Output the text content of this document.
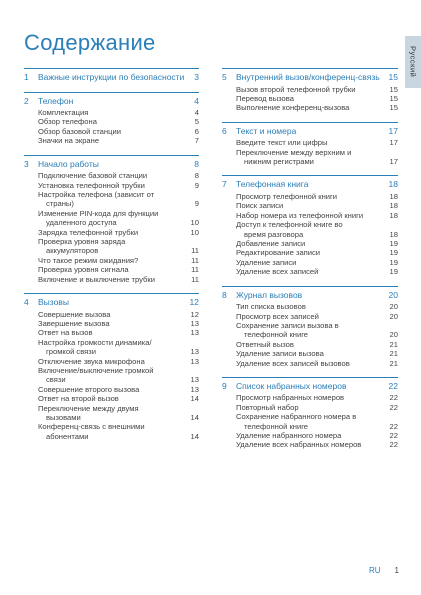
Содержание
Русский
1	Важные инструкции по безопасности	3
2	Телефон	4
Комплектация	4
Обзор телефона	5
Обзор базовой станции	6
Значки на экране	7
3	Начало работы	8
Подключение базовой станции	8
Установка телефонной трубки	9
Настройка телефона (зависит от
страны)	9
Изменение PIN-кода для функции
удаленного доступа	10
Зарядка телефонной трубки	10
Проверка уровня заряда
аккумуляторов	11
Что такое режим ожидания?	11
Проверка уровня сигнала	11
Включение и выключение трубки	11
4	Вызовы	12
Совершение вызова	12
Завершение вызова	13
Ответ на вызов	13
Настройка громкости динамика/
громкой связи	13
Отключение звука микрофона	13
Включение/выключение громкой
связи	13
Совершение второго вызова	13
Ответ на второй вызов	14
Переключение между двумя
вызовами	14
Конференц-связь с внешними
абонентами	14
5	Внутренний вызов/конференц-связь	15
Вызов второй телефонной трубки	15
Перевод вызова	15
Выполнение конференц-вызова	15
6	Текст и номера	17
Введите текст или цифры	17
Переключение между верхним и
нижним регистрами	17
7	Телефонная книга	18
Просмотр телефонной книги	18
Поиск записи	18
Набор номера из телефонной книги	18
Доступ к телефонной книге во
время разговора	18
Добавление записи	19
Редактирование записи	19
Удаление записи	19
Удаление всех записей	19
8	Журнал вызовов	20
Тип списка вызовов	20
Просмотр всех записей	20
Сохранение записи вызова в
телефонной книге	20
Ответный вызов	21
Удаление записи вызова	21
Удаление всех записей вызовов	21
9	Список набранных номеров	22
Просмотр набранных номеров	22
Повторный набор	22
Сохранение набранного номера в
телефонной книге	22
Удаление набранного номера	22
Удаление всех набранных номеров	22
RU 1
